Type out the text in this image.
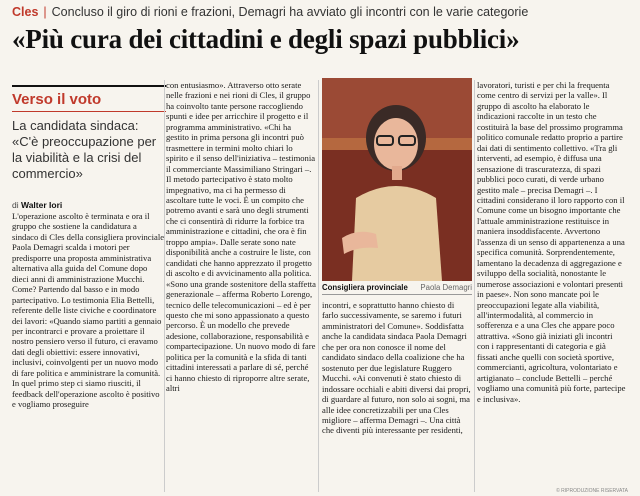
Cles | Concluso il giro di rioni e frazioni, Demagri ha avviato gli incontri con le varie categorie
«Più cura dei cittadini e degli spazi pubblici»
Verso il voto
La candidata sindaca: «C'è preoccupazione per la viabilità e la crisi del commercio»
di Walter Iori

L'operazione ascolto è terminata e ora il gruppo che sostiene la candidatura a sindaco di Cles della consigliera provinciale Paola Demagri scalda i motori per predisporre una proposta amministrativa alternativa alla guida del Comune dopo dieci anni di amministrazione Mucchi. Come? Partendo dal basso e in modo partecipativo. Lo testimonia Elia Bettelli, referente delle liste civiche e coordinatore dei lavori: «Quando siamo partiti a gennaio per incontrarci e provare a proiettare il nostro pensiero verso il futuro, ci eravamo dati degli obiettivi: essere innovativi, inclusivi, coinvolgenti per un nuovo modo di fare politica e amministrare la comunità. In quel primo step ci siamo riusciti, il feedback dell'operazione ascolto è positivo e vogliamo proseguire

con entusiasmo». Attraverso otto serate nelle frazioni e nei rioni di Cles, il gruppo ha coinvolto tante persone raccogliendo spunti e idee per arricchire il progetto e il programma amministrativo. «Chi ha gestito in prima persona gli incontri può trasmettere in termini molto chiari lo spirito e il senso dell'iniziativa – testimonia il commerciante Massimiliano Stringari –. Il metodo partecipativo è stato molto impegnativo, ma ci ha permesso di ascoltare tutte le voci. È un compito che potremo avanti e sarà uno degli strumenti che ci consentirà di ridurre la forbice tra amministrazione e cittadini, che ora è fin troppo ampia». Dalle serate sono nate disponibilità anche a costruire le liste, con candidati che hanno apprezzato il progetto di ascolto e di avvicinamento alla politica. «Sono una grande sostenitore della staffetta generazionale – afferma Roberto Lorengo, tecnico delle telecomunicazioni – ed è per questo che mi sono appassionato a questo percorso. È un modello che prevede adesione, collaborazione, responsabilità e compartecipazione. Un nuovo modo di fare politica per la comunità e la sfida di tanti cittadini interessati a parlare di sé, perché ci hanno chiesto di riproporre altre serate, altri

Consigliera provinciale Paola Demagri

incontri, e soprattutto hanno chiesto di farlo successivamente, se saremo i futuri amministratori del Comune». Soddisfatta anche la candidata sindaca Paola Demagri che per ora non conosce il nome del candidato sindaco della coalizione che ha sostenuto per due legislature Ruggero Mucchi. «Ai convenuti è stato chiesto di indossare occhiali e abiti diversi dai propri, di guardare al futuro, non solo ai sogni, ma alle idee concretizzabili per una Cles migliore – afferma Demagri –. Una città che diventi più interessante per residenti,

lavoratori, turisti e per chi la frequenta come centro di servizi per la valle». Il gruppo di ascolto ha elaborato le indicazioni raccolte in un testo che costituirà la base del prossimo programma politico comunale redatto proprio a partire dai dati di sentimento collettivo. «Tra gli interventi, ad esempio, è diffusa una sensazione di trascuratezza, di spazi pubblici poco curati, di verde urbano gestito male – precisa Demagri –. I cittadini considerano il loro rapporto con il Comune come un bisogno importante che l'attuale amministrazione restituisce in maniera insoddisfacente. Avvertono l'assenza di un senso di appartenenza a una specifica comunità. Sorprendentemente, lamentano la decadenza di aggregazione e sviluppo della socialità, nonostante le numerose associazioni e volontari presenti in paese». Non sono mancate poi le preoccupazioni legate alla viabilità, all'intermodalità, al commercio in sofferenza e a una Cles che appare poco attrattiva. «Sono già iniziati gli incontri con i rappresentanti di categoria e già fissati anche quelli con società sportive, commercianti, agricoltura, volontariato e artigianato – conclude Bettelli – perché vogliamo una comunità più forte, partecipe e inclusiva».

© RIPRODUZIONE RISERVATA
